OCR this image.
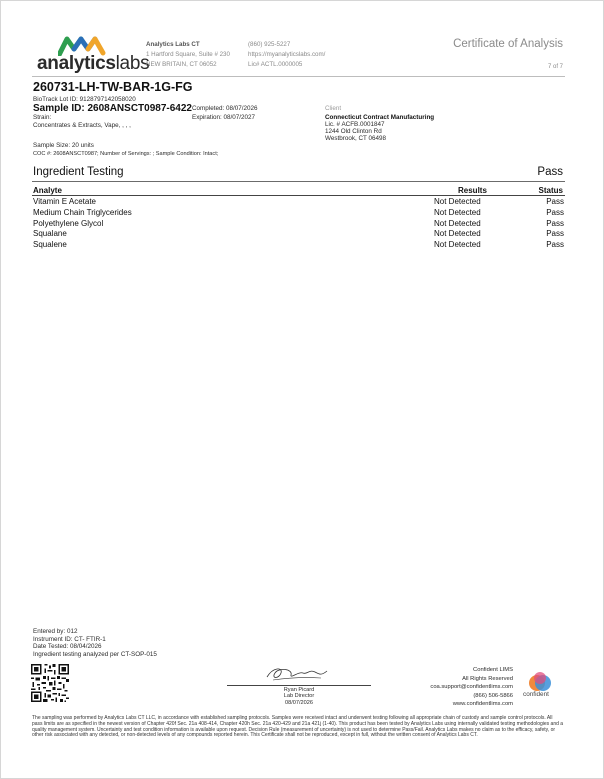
analyticslabs
Analytics Labs CT
1 Hartford Square, Suite # 230
NEW BRITAIN, CT 06052
(860) 925-5227
https://myanalyticslabs.com/
Lic# ACTL.0000005
Certificate of Analysis
7 of 7
260731-LH-TW-BAR-1G-FG
BioTrack Lot ID: 9128797142058020
Sample ID: 2608ANSCT0987-6422 Completed: 08/07/2026
Expiration: 08/07/2027
Strain:
Concentrates & Extracts, Vape, , , ,
Sample Size: 20 units
COC #: 2608ANSCT0987; Number of Servings: ; Sample Condition: Intact;
Client
Connecticut Contract Manufacturing
Lic. # ACFB.0001847
1244 Old Clinton Rd
Westbrook, CT 06498
Ingredient Testing	Pass
Analyte	Results	Status
Vitamin E Acetate	Not Detected	Pass
Medium Chain Triglycerides	Not Detected	Pass
Polyethylene Glycol	Not Detected	Pass
Squalane	Not Detected	Pass
Squalene	Not Detected	Pass
Entered by: 012
Instrument ID: CT- FTIR-1
Date Tested: 08/04/2026
Ingredient testing analyzed per CT-SOP-015
Ryan Picard
Lab Director
08/07/2026
Confident LIMS
All Rights Reserved
coa.support@confidentlims.com
(866) 506-5866
www.confidentlims.com
confident
The sampling was performed by Analytics Labs CT LLC, in accordance with established sampling protocols. Samples were received intact and underwent testing following all appropriate chain of custody and sample control protocols. All pass limits are as specified in the newest version of Chapter 420f Sec. 21a 408-414, Chapter 420h Sec. 21a 420-429 and 21a 421j (1-40). This product has been tested by Analytics Labs using internally validated testing methodologies and a quality management system. Uncertainty and test condition information is available upon request. Decision Rule (measurement of uncertainty) is not used to determine Pass/Fail. Analytics Labs makes no claim as to the efficacy, safety, or other risk associated with any detected, or non-detected levels of any compounds reported herein. This Certificate shall not be reproduced, except in full, without the written consent of Analytics Labs CT.
